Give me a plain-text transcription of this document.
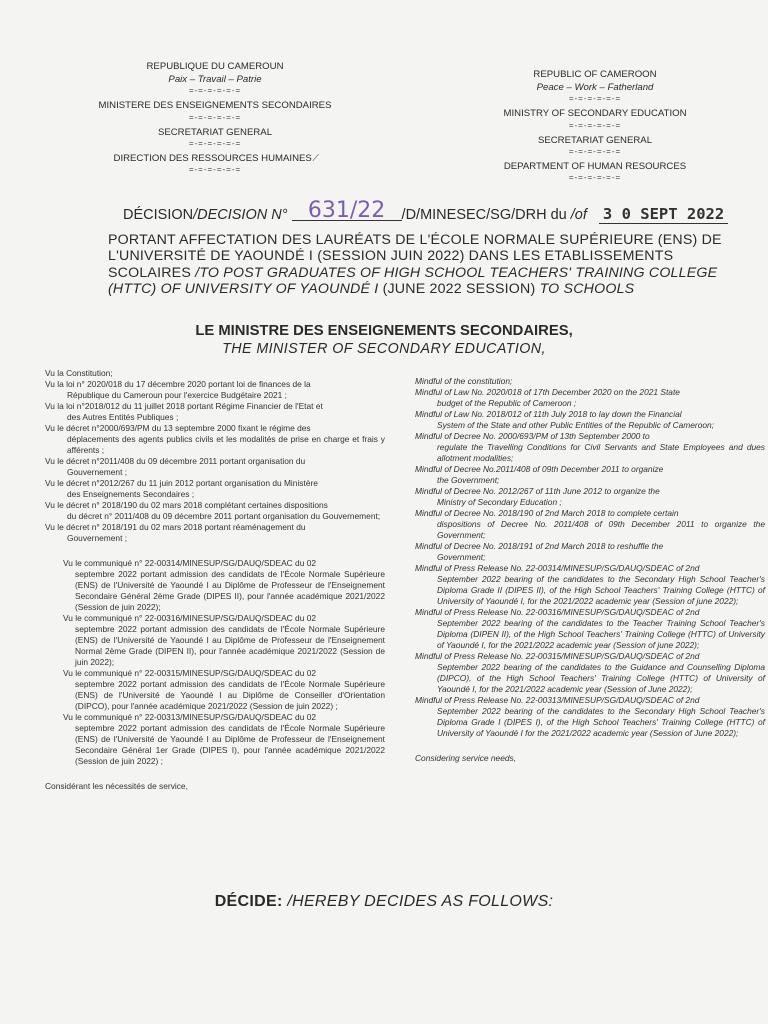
REPUBLIQUE DU CAMEROUN
Paix – Travail – Patrie
=-=-=-=-=-=
MINISTERE DES ENSEIGNEMENTS SECONDAIRES
=-=-=-=-=-=
SECRETARIAT GENERAL
=-=-=-=-=-=
DIRECTION DES RESSOURCES HUMAINES ⁄
=-=-=-=-=-=
REPUBLIC OF CAMEROON
Peace – Work – Fatherland
=-=-=-=-=-=
MINISTRY OF SECONDARY EDUCATION
=-=-=-=-=-=
SECRETARIAT GENERAL
=-=-=-=-=-=
DEPARTMENT OF HUMAN RESOURCES
=-=-=-=-=-=
DÉCISION/DECISION N° 631/22 /D/MINESEC/SG/DRH du /of 3 0 SEPT 2022
PORTANT AFFECTATION DES LAURÉATS DE L'ÉCOLE NORMALE SUPÉRIEURE (ENS) DE L'UNIVERSITÉ DE YAOUNDÉ I (SESSION JUIN 2022) DANS LES ETABLISSEMENTS SCOLAIRES /TO POST GRADUATES OF HIGH SCHOOL TEACHERS' TRAINING COLLEGE (HTTC) OF UNIVERSITY OF YAOUNDÉ I (JUNE 2022 SESSION) TO SCHOOLS
LE MINISTRE DES ENSEIGNEMENTS SECONDAIRES,
THE MINISTER OF SECONDARY EDUCATION,
Vu la Constitution;
Vu la loi n° 2020/018 du 17 décembre 2020 portant loi de finances de la
République du Cameroun pour l'exercice Budgétaire 2021 ;
Vu la loi n°2018/012 du 11 juillet 2018 portant Régime Financier de l'Etat et
des Autres Entités Publiques ;
Vu le décret n°2000/693/PM du 13 septembre 2000 fixant le régime des
déplacements des agents publics civils et les modalités de prise en charge et frais y afférents ;
Vu le décret n°2011/408 du 09 décembre 2011 portant organisation du
Gouvernement ;
Vu le décret n°2012/267 du 11 juin 2012 portant organisation du Ministère
des Enseignements Secondaires ;
Vu le décret n° 2018/190 du 02 mars 2018 complétant certaines dispositions
du décret n° 2011/408 du 09 décembre 2011 portant organisation du Gouvernement;
Vu le décret n° 2018/191 du 02 mars 2018 portant réaménagement du
Gouvernement ;
Vu le communiqué n° 22-00314/MINESUP/SG/DAUQ/SDEAC du 02
septembre 2022 portant admission des candidats de l'École Normale Supérieure (ENS) de l'Université de Yaoundé I au Diplôme de Professeur de l'Enseignement Secondaire Général 2ème Grade (DIPES II), pour l'année académique 2021/2022 (Session de juin 2022);
Vu le communiqué n° 22-00316/MINESUP/SG/DAUQ/SDEAC du 02
septembre 2022 portant admission des candidats de l'École Normale Supérieure (ENS) de l'Université de Yaoundé I au Diplôme de Professeur de l'Enseignement Normal 2ème Grade (DIPEN II), pour l'année académique 2021/2022 (Session de juin 2022);
Vu le communiqué n° 22-00315/MINESUP/SG/DAUQ/SDEAC du 02
septembre 2022 portant admission des candidats de l'École Normale Supérieure (ENS) de l'Université de Yaoundé I au Diplôme de Conseiller d'Orientation (DIPCO), pour l'année académique 2021/2022 (Session de juin 2022) ;
Vu le communiqué n° 22-00313/MINESUP/SG/DAUQ/SDEAC du 02
septembre 2022 portant admission des candidats de l'École Normale Supérieure (ENS) de l'Université de Yaoundé I au Diplôme de Professeur de l'Enseignement Secondaire Général 1er Grade (DIPES I), pour l'année académique 2021/2022 (Session de juin 2022) ;
Considérant les nécessités de service,
Mindful of the constitution;
Mindful of Law No. 2020/018 of 17th December 2020 on the 2021 State
budget of the Republic of Cameroon ;
Mindful of Law No. 2018/012 of 11th July 2018 to lay down the Financial
System of the State and other Public Entities of the Republic of Cameroon;
Mindful of Decree No. 2000/693/PM of 13th September 2000 to
regulate the Travelling Conditions for Civil Servants and State Employees and dues allotment modalities;
Mindful of Decree No.2011/408 of 09th December 2011 to organize
the Government;
Mindful of Decree No. 2012/267 of 11th June 2012 to organize the
Ministry of Secondary Education ;
Mindful of Decree No. 2018/190 of 2nd March 2018 to complete certain
dispositions of Decree No. 2011/408 of 09th December 2011 to organize the Government;
Mindful of Decree No. 2018/191 of 2nd March 2018 to reshuffle the
Government;
Mindful of Press Release No. 22-00314/MINESUP/SG/DAUQ/SDEAC of 2nd
September 2022 bearing of the candidates to the Secondary High School Teacher's Diploma Grade II (DIPES II), of the High School Teachers' Training College (HTTC) of University of Yaoundé I, for the 2021/2022 academic year (Session of june 2022);
Mindful of Press Release No. 22-00316/MINESUP/SG/DAUQ/SDEAC of 2nd
September 2022 bearing of the candidates to the Teacher Training School Teacher's Diploma (DIPEN II), of the High School Teachers' Training College (HTTC) of University of Yaoundé I, for the 2021/2022 academic year (Session of june 2022);
Mindful of Press Release No. 22-00315/MINESUP/SG/DAUQ/SDEAC of 2nd
September 2022 bearing of the candidates to the Guidance and Counselling Diploma (DIPCO), of the High School Teachers' Training College (HTTC) of University of Yaoundé I, for the 2021/2022 academic year (Session of June 2022);
Mindful of Press Release No. 22-00313/MINESUP/SG/DAUQ/SDEAC of 2nd
September 2022 bearing of the candidates to the Secondary High School Teacher's Diploma Grade I (DIPES I), of the High School Teachers' Training College (HTTC) of University of Yaoundé I for the 2021/2022 academic year (Session of June 2022);
Considering service needs,
DÉCIDE: /HEREBY DECIDES AS FOLLOWS:
